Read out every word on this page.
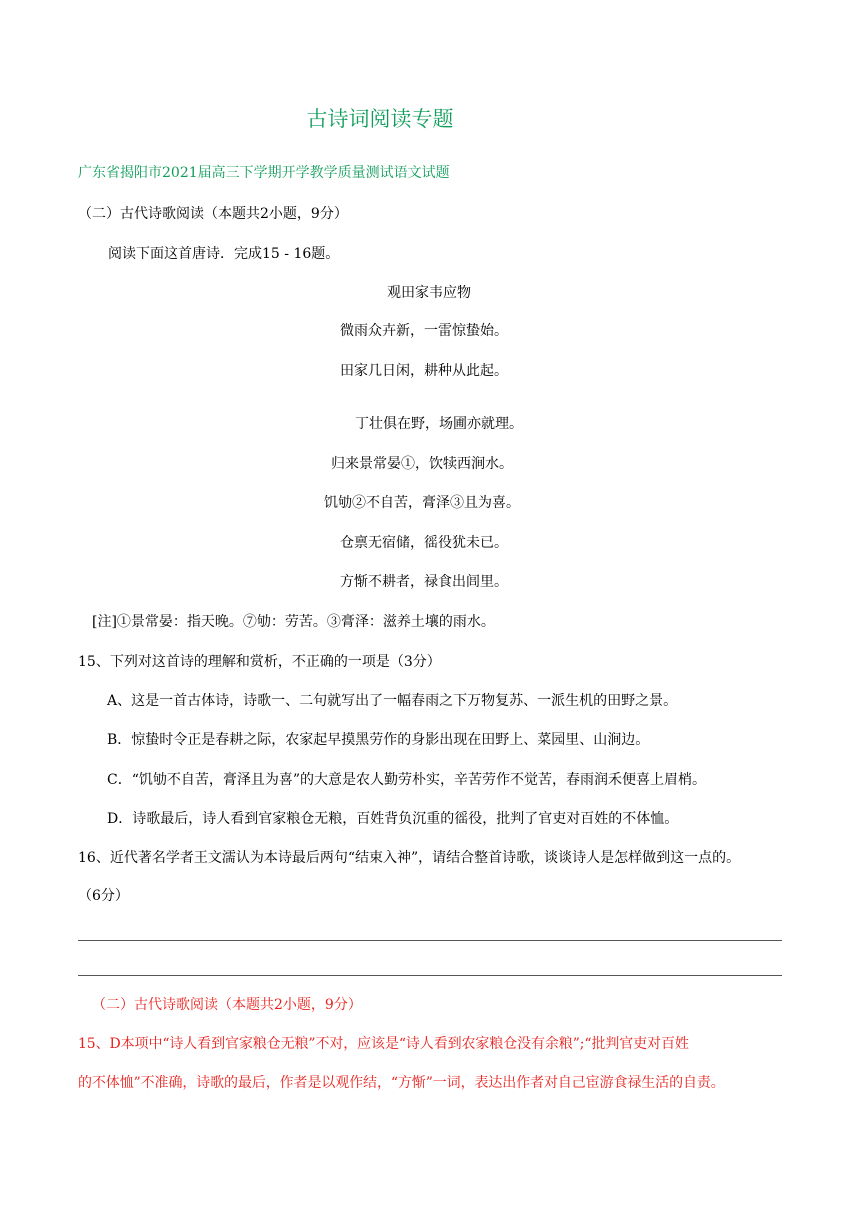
古诗词阅读专题
广东省揭阳市2021届高三下学期开学教学质量测试语文试题
（二）古代诗歌阅读（本题共2小题，9分）
阅读下面这首唐诗．完成15 - 16题。
观田家韦应物
微雨众卉新，一雷惊蛰始。
田家几日闲，耕种从此起。
丁壮俱在野，场圃亦就理。
归来景常晏①，饮犊西涧水。
饥劬②不自苦，膏泽③且为喜。
仓禀无宿储，徭役犹未已。
方惭不耕者，禄食出闾里。
[注]①景常晏：指天晚。⑦劬：劳苦。③膏泽：滋养土壤的雨水。
15、下列对这首诗的理解和赏析，不正确的一项是（3分）
A、这是一首古体诗，诗歌一、二句就写出了一幅春雨之下万物复苏、一派生机的田野之景。
B．惊蛰时令正是春耕之际，农家起早摸黑劳作的身影出现在田野上、菜园里、山涧边。
C．“饥劬不自苦，膏泽且为喜”的大意是农人勤劳朴实，辛苦劳作不觉苦，春雨润禾便喜上眉梢。
D．诗歌最后，诗人看到官家粮仓无粮，百姓背负沉重的徭役，批判了官吏对百姓的不体恤。
16、近代著名学者王文濡认为本诗最后两句“结束入神”，请结合整首诗歌，谈谈诗人是怎样做到这一点的。
（6分）
（二）古代诗歌阅读（本题共2小题，9分）
15、D本项中“诗人看到官家粮仓无粮”不对，应该是“诗人看到农家粮仓没有余粮”;“批判官吏对百姓
的不体恤”不准确，诗歌的最后，作者是以观作结，“方惭”一词，表达出作者对自己宦游食禄生活的自责。
